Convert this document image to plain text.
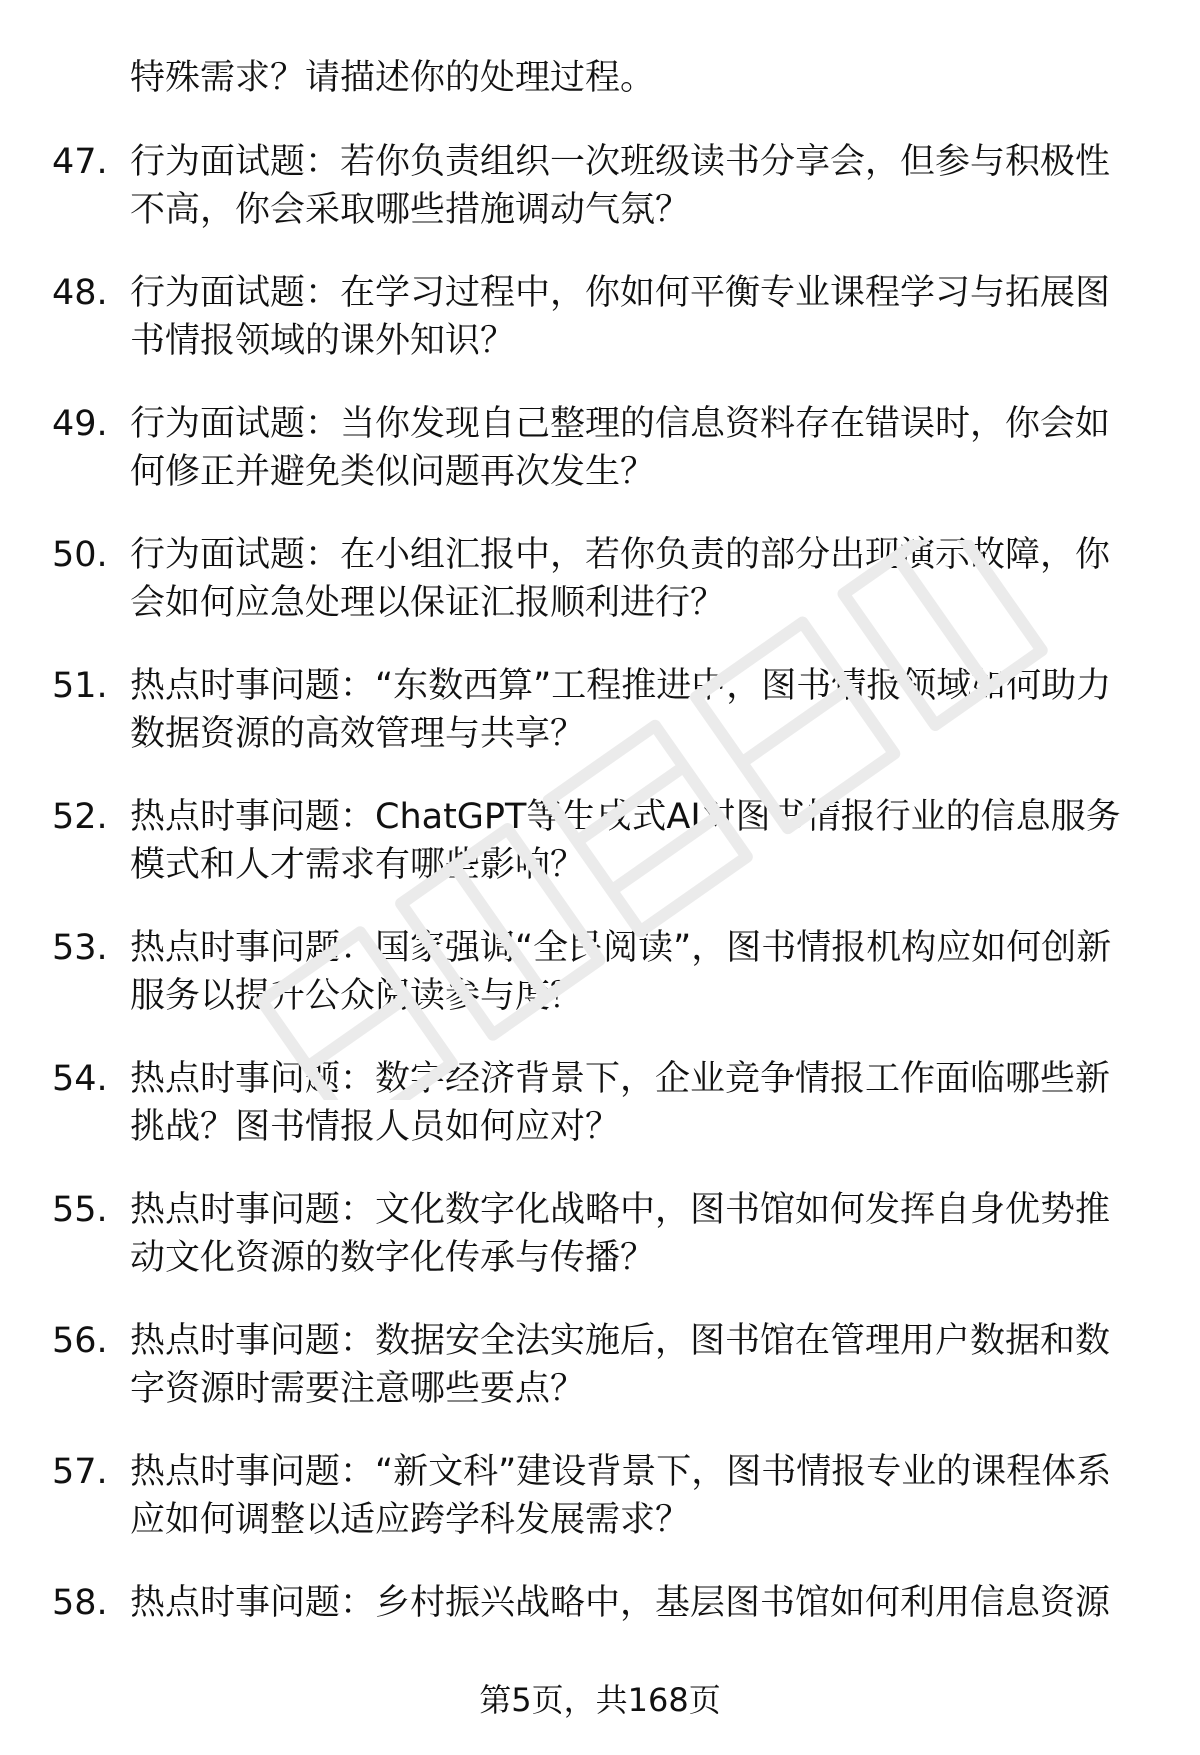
特殊需求？请描述你的处理过程。
47. 行为面试题：若你负责组织一次班级读书分享会，但参与积极性不高，你会采取哪些措施调动气氛？
48. 行为面试题：在学习过程中，你如何平衡专业课程学习与拓展图书情报领域的课外知识？
49. 行为面试题：当你发现自己整理的信息资料存在错误时，你会如何修正并避免类似问题再次发生？
50. 行为面试题：在小组汇报中，若你负责的部分出现演示故障，你会如何应急处理以保证汇报顺利进行？
51. 热点时事问题：“东数西算”工程推进中，图书情报领域如何助力数据资源的高效管理与共享？
52. 热点时事问题：ChatGPT等生成式AI对图书情报行业的信息服务模式和人才需求有哪些影响？
53. 热点时事问题：国家强调“全民阅读”，图书情报机构应如何创新服务以提升公众阅读参与度？
54. 热点时事问题：数字经济背景下，企业竞争情报工作面临哪些新挑战？图书情报人员如何应对？
55. 热点时事问题：文化数字化战略中，图书馆如何发挥自身优势推动文化资源的数字化传承与传播？
56. 热点时事问题：数据安全法实施后，图书馆在管理用户数据和数字资源时需要注意哪些要点？
57. 热点时事问题：“新文科”建设背景下，图书情报专业的课程体系应如何调整以适应跨学科发展需求？
58. 热点时事问题：乡村振兴战略中，基层图书馆如何利用信息资源
第5页，共168页
